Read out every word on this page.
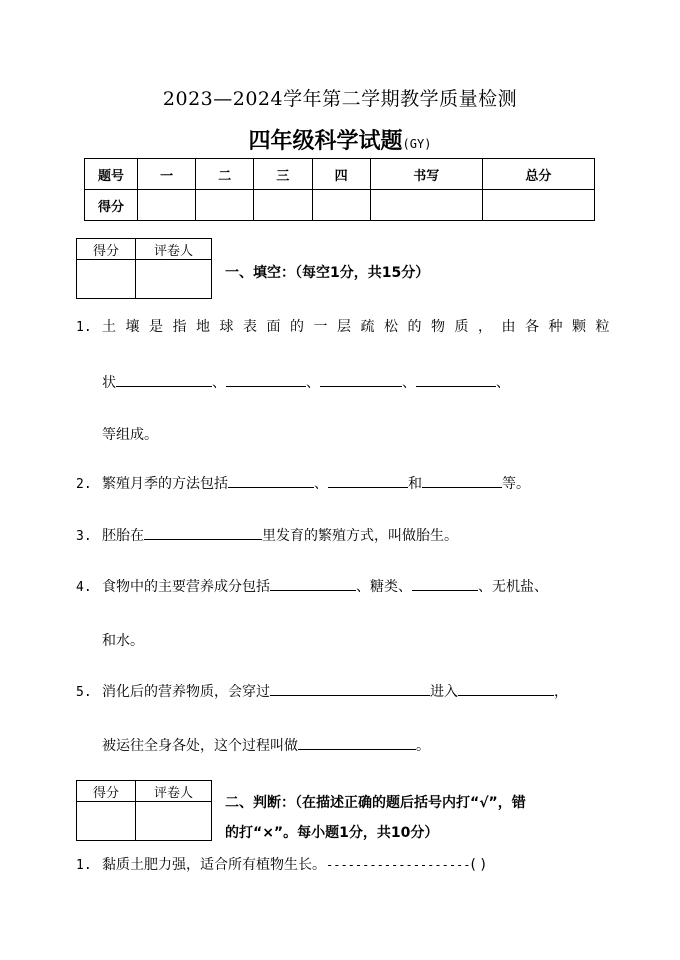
2023—2024学年第二学期教学质量检测
四年级科学试题(GY)
题号	一	二	三	四	书写	总分
得分						
得分	评卷人

一、填空：（每空1分，共15分）
1. 土壤是指地球表面的一层疏松的物质，由各种颗粒
状	、	、	、	、
等组成。
2. 繁殖月季的方法包括	、	和	等。
3. 胚胎在	里发育的繁殖方式，叫做胎生。
4. 食物中的主要营养成分包括	、糖类、	、无机盐、
和水。
5. 消化后的营养物质，会穿过	进入	，
被运往全身各处，这个过程叫做	。
得分	评卷人

二、判断：（在描述正确的题后括号内打“√”，错
的打“×”。每小题1分，共10分）
1. 黏质土肥力强，适合所有植物生长。--------------------( )
